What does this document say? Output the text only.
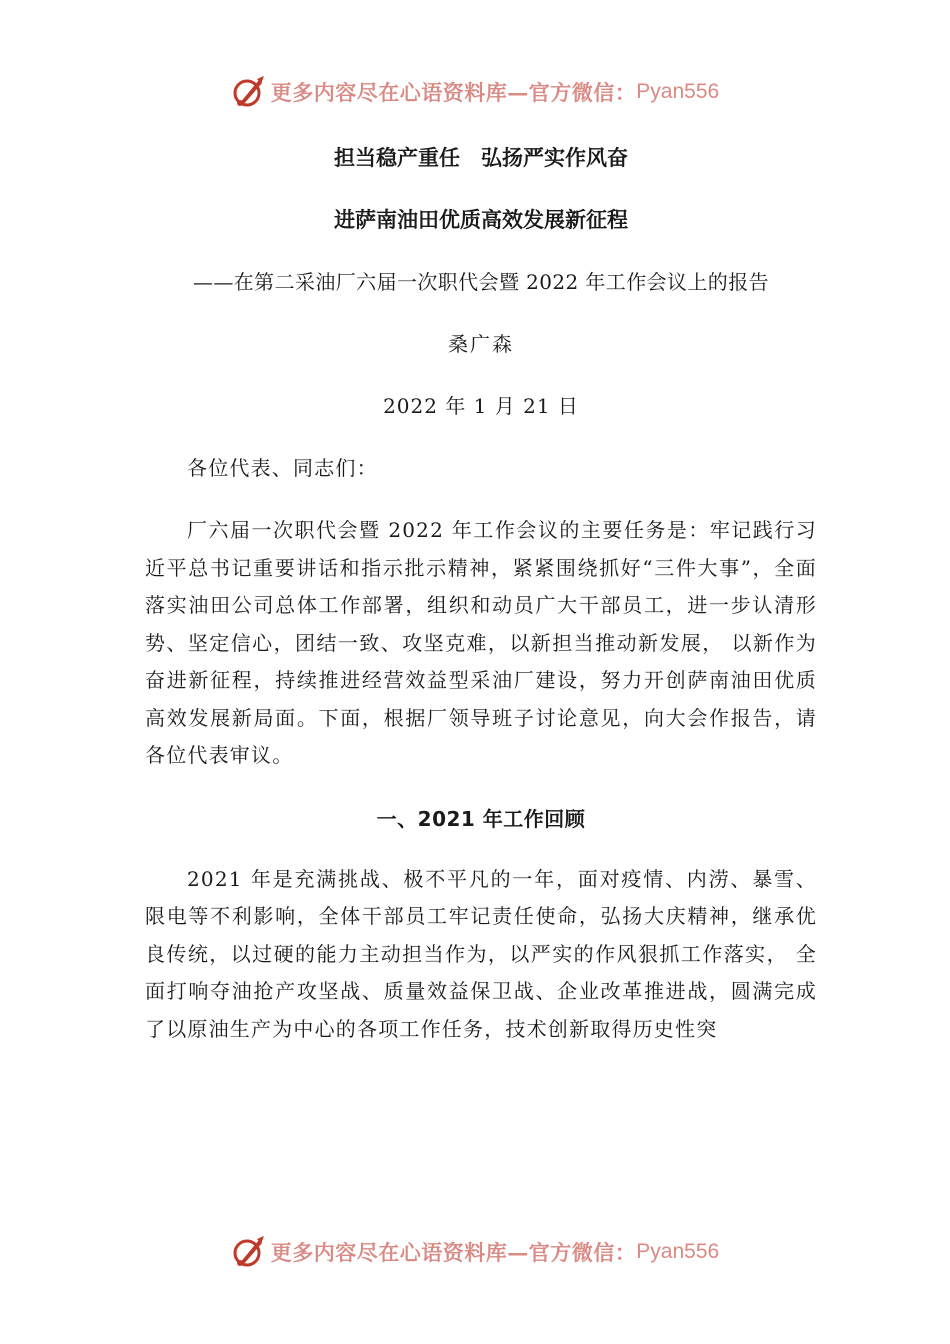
更多内容尽在心语资料库—官方微信： Pyan556

担当稳产重任　弘扬严实作风奋

进萨南油田优质高效发展新征程

——在第二采油厂六届一次职代会暨 2022 年工作会议上的报告

桑广森

2022 年 1 月 21 日

各位代表、同志们：

厂六届一次职代会暨 2022 年工作会议的主要任务是：牢记践行习近平总书记重要讲话和指示批示精神，紧紧围绕抓好“三件大事”，全面落实油田公司总体工作部署，组织和动员广大干部员工，进一步认清形势、坚定信心，团结一致、攻坚克难，以新担当推动新发展， 以新作为奋进新征程，持续推进经营效益型采油厂建设，努力开创萨南油田优质高效发展新局面。下面，根据厂领导班子讨论意见，向大会作报告，请各位代表审议。

一、2021 年工作回顾

2021 年是充满挑战、极不平凡的一年，面对疫情、内涝、暴雪、限电等不利影响，全体干部员工牢记责任使命，弘扬大庆精神，继承优良传统，以过硬的能力主动担当作为，以严实的作风狠抓工作落实， 全面打响夺油抢产攻坚战、质量效益保卫战、企业改革推进战，圆满完成了以原油生产为中心的各项工作任务，技术创新取得历史性突

更多内容尽在心语资料库—官方微信： Pyan556
